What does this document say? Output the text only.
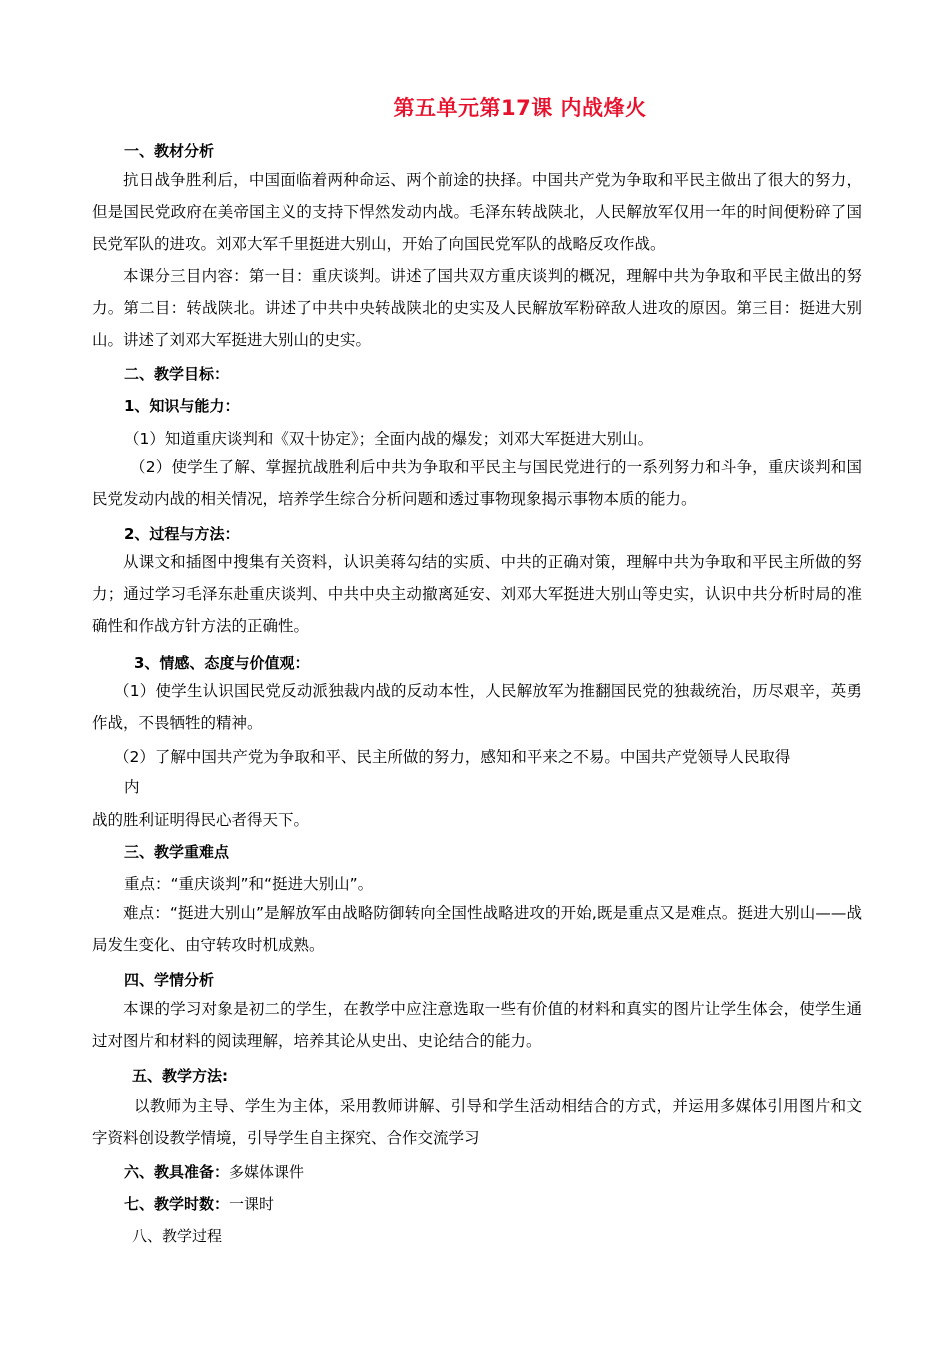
第五单元第17课 内战烽火
一、教材分析
抗日战争胜利后，中国面临着两种命运、两个前途的抉择。中国共产党为争取和平民主做出了很大的努力，但是国民党政府在美帝国主义的支持下悍然发动内战。毛泽东转战陕北，人民解放军仅用一年的时间便粉碎了国民党军队的进攻。刘邓大军千里挺进大别山，开始了向国民党军队的战略反攻作战。
本课分三目内容：第一目：重庆谈判。讲述了国共双方重庆谈判的概况，理解中共为争取和平民主做出的努力。第二目：转战陕北。讲述了中共中央转战陕北的史实及人民解放军粉碎敌人进攻的原因。第三目：挺进大别山。讲述了刘邓大军挺进大别山的史实。
二、教学目标：
1、知识与能力：
（1）知道重庆谈判和《双十协定》；全面内战的爆发；刘邓大军挺进大别山。
（2）使学生了解、掌握抗战胜利后中共为争取和平民主与国民党进行的一系列努力和斗争，重庆谈判和国民党发动内战的相关情况，培养学生综合分析问题和透过事物现象揭示事物本质的能力。
2、过程与方法：
从课文和插图中搜集有关资料，认识美蒋勾结的实质、中共的正确对策，理解中共为争取和平民主所做的努力；通过学习毛泽东赴重庆谈判、中共中央主动撤离延安、刘邓大军挺进大别山等史实，认识中共分析时局的准确性和作战方针方法的正确性。
3、情感、态度与价值观：
（1）使学生认识国民党反动派独裁内战的反动本性，人民解放军为推翻国民党的独裁统治，历尽艰辛，英勇作战，不畏牺牲的精神。
（2）了解中国共产党为争取和平、民主所做的努力，感知和平来之不易。中国共产党领导人民取得
内
战的胜利证明得民心者得天下。
三、教学重难点
重点：“重庆谈判”和“挺进大别山”。
难点：“挺进大别山”是解放军由战略防御转向全国性战略进攻的开始,既是重点又是难点。挺进大别山——战局发生变化、由守转攻时机成熟。
四、学情分析
本课的学习对象是初二的学生，在教学中应注意选取一些有价值的材料和真实的图片让学生体会，使学生通过对图片和材料的阅读理解，培养其论从史出、史论结合的能力。
五、教学方法:
以教师为主导、学生为主体，采用教师讲解、引导和学生活动相结合的方式，并运用多媒体引用图片和文字资料创设教学情境，引导学生自主探究、合作交流学习
六、教具准备：多媒体课件
七、教学时数：一课时
八、教学过程
